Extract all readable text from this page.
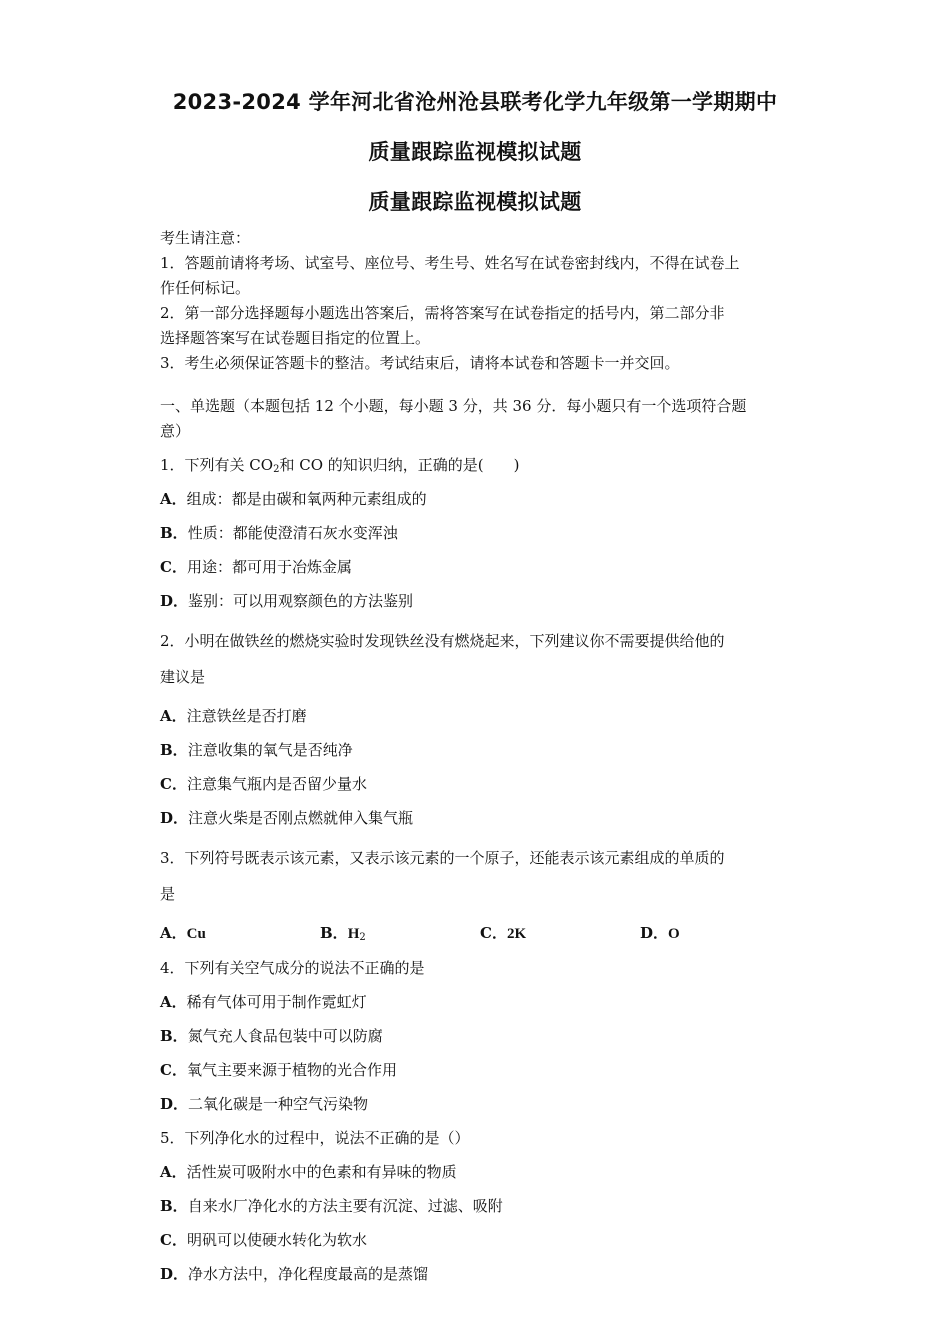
2023-2024 学年河北省沧州沧县联考化学九年级第一学期期中
质量跟踪监视模拟试题
质量跟踪监视模拟试题
考生请注意：
1．答题前请将考场、试室号、座位号、考生号、姓名写在试卷密封线内，不得在试卷上
作任何标记。
2．第一部分选择题每小题选出答案后，需将答案写在试卷指定的括号内，第二部分非
选择题答案写在试卷题目指定的位置上。
3．考生必须保证答题卡的整洁。考试结束后，请将本试卷和答题卡一并交回。
一、单选题（本题包括 12 个小题，每小题 3 分，共 36 分．每小题只有一个选项符合题
意）
1．下列有关 $CO_2$和 CO 的知识归纳，正确的是(　　)
A．组成：都是由碳和氧两种元素组成的
B．性质：都能使澄清石灰水变浑浊
C．用途：都可用于冶炼金属
D．鉴别：可以用观察颜色的方法鉴别
2．小明在做铁丝的燃烧实验时发现铁丝没有燃烧起来，下列建议你不需要提供给他的
建议是
A．注意铁丝是否打磨
B．注意收集的氧气是否纯净
C．注意集气瓶内是否留少量水
D．注意火柴是否刚点燃就伸入集气瓶
3．下列符号既表示该元素，又表示该元素的一个原子，还能表示该元素组成的单质的
是
A．Cu	B．$H_2$	C．2K	D．O
4．下列有关空气成分的说法不正确的是
A．稀有气体可用于制作霓虹灯
B．氮气充人食品包装中可以防腐
C．氧气主要来源于植物的光合作用
D．二氧化碳是一种空气污染物
5．下列净化水的过程中，说法不正确的是（）
A．活性炭可吸附水中的色素和有异味的物质
B．自来水厂净化水的方法主要有沉淀、过滤、吸附
C．明矾可以使硬水转化为软水
D．净水方法中，净化程度最高的是蒸馏
